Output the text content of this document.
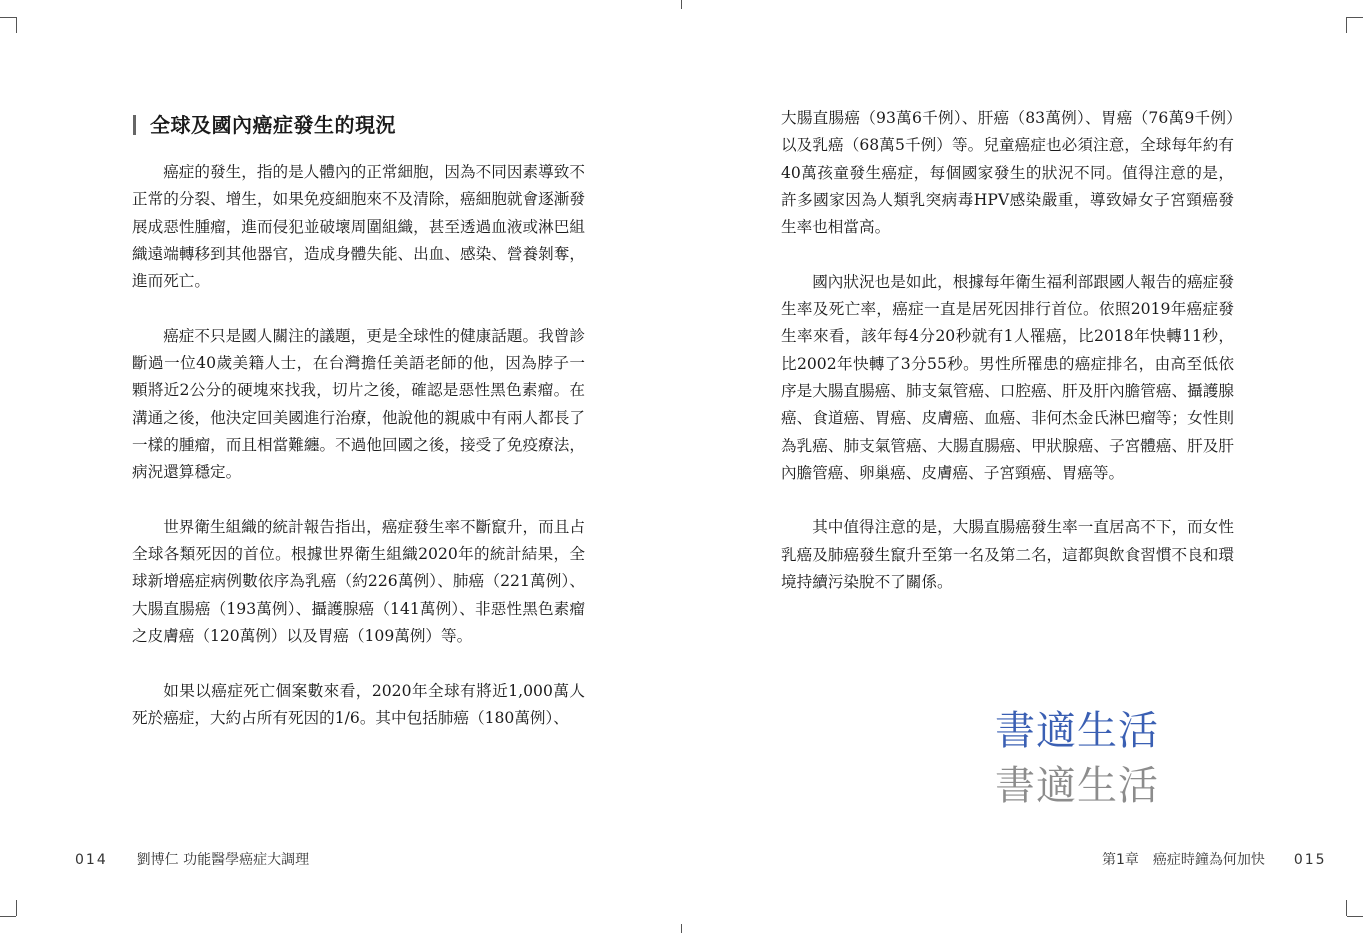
全球及國內癌症發生的現況

癌症的發生，指的是人體內的正常細胞，因為不同因素導致不正常的分裂、增生，如果免疫細胞來不及清除，癌細胞就會逐漸發展成惡性腫瘤，進而侵犯並破壞周圍組織，甚至透過血液或淋巴組織遠端轉移到其他器官，造成身體失能、出血、感染、營養剝奪，進而死亡。

癌症不只是國人關注的議題，更是全球性的健康話題。我曾診斷過一位40歲美籍人士，在台灣擔任美語老師的他，因為脖子一顆將近2公分的硬塊來找我，切片之後，確認是惡性黑色素瘤。在溝通之後，他決定回美國進行治療，他說他的親戚中有兩人都長了一樣的腫瘤，而且相當難纏。不過他回國之後，接受了免疫療法，病況還算穩定。

世界衛生組織的統計報告指出，癌症發生率不斷竄升，而且占全球各類死因的首位。根據世界衛生組織2020年的統計結果，全球新增癌症病例數依序為乳癌（約226萬例）、肺癌（221萬例）、大腸直腸癌（193萬例）、攝護腺癌（141萬例）、非惡性黑色素瘤之皮膚癌（120萬例）以及胃癌（109萬例）等。

如果以癌症死亡個案數來看，2020年全球有將近1,000萬人死於癌症，大約占所有死因的1/6。其中包括肺癌（180萬例）、

014 劉博仁 功能醫學癌症大調理

大腸直腸癌（93萬6千例）、肝癌（83萬例）、胃癌（76萬9千例）以及乳癌（68萬5千例）等。兒童癌症也必須注意，全球每年約有40萬孩童發生癌症，每個國家發生的狀況不同。值得注意的是，許多國家因為人類乳突病毒HPV感染嚴重，導致婦女子宮頸癌發生率也相當高。

國內狀況也是如此，根據每年衛生福利部跟國人報告的癌症發生率及死亡率，癌症一直是居死因排行首位。依照2019年癌症發生率來看，該年每4分20秒就有1人罹癌，比2018年快轉11秒，比2002年快轉了3分55秒。男性所罹患的癌症排名，由高至低依序是大腸直腸癌、肺支氣管癌、口腔癌、肝及肝內膽管癌、攝護腺癌、食道癌、胃癌、皮膚癌、血癌、非何杰金氏淋巴瘤等；女性則為乳癌、肺支氣管癌、大腸直腸癌、甲狀腺癌、子宮體癌、肝及肝內膽管癌、卵巢癌、皮膚癌、子宮頸癌、胃癌等。

其中值得注意的是，大腸直腸癌發生率一直居高不下，而女性乳癌及肺癌發生竄升至第一名及第二名，這都與飲食習慣不良和環境持續污染脫不了關係。

書適生活
書適生活
第1章　癌症時鐘為何加快 015
